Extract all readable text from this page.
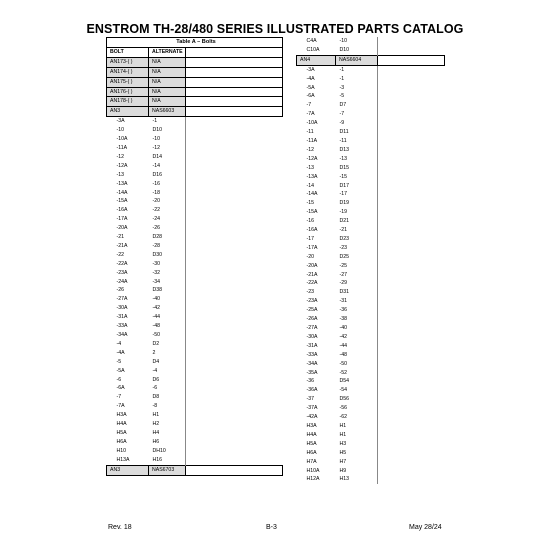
ENSTROM TH-28/480 SERIES ILLUSTRATED PARTS CATALOG
Table A – Bolts		
BOLT	ALTERNATE	
AN173-( )	N/A	
AN174-( )	N/A	
AN175-( )	N/A	
AN176-( )	N/A	
AN178-( )	N/A	
AN3	NAS6603	
-3A	-1	
-10	D10	
-10A	-10	
-11A	-12	
-12	D14	
-12A	-14	
-13	D16	
-13A	-16	
-14A	-18	
-15A	-20	
-16A	-22	
-17A	-24	
-20A	-26	
-21	D28	
-21A	-28	
-22	D30	
-22A	-30	
-23A	-32	
-24A	-34	
-26	D38	
-27A	-40	
-30A	-42	
-31A	-44	
-33A	-48	
-34A	-50	
-4	D2	
-4A	2	
-5	D4	
-5A	-4	
-6	D6	
-6A	-6	
-7	D8	
-7A	-8	
H3A	H1	
H4A	H2	
H5A	H4	
H6A	H6	
H10	DH10	
H13A	H16	
AN3	NAS6703	
C4A	-10	
C10A	D10	
AN4	NAS6604	
-3A	-1	
-4A	-1	
-5A	-3	
-6A	-5	
-7	D7	
-7A	-7	
-10A	-9	
-11	D11	
-11A	-11	
-12	D13	
-12A	-13	
-13	D15	
-13A	-15	
-14	D17	
-14A	-17	
-15	D19	
-15A	-19	
-16	D21	
-16A	-21	
-17	D23	
-17A	-23	
-20	D25	
-20A	-25	
-21A	-27	
-22A	-29	
-23	D31	
-23A	-31	
-25A	-36	
-26A	-38	
-27A	-40	
-30A	-42	
-31A	-44	
-33A	-48	
-34A	-50	
-35A	-52	
-36	D54	
-36A	-54	
-37	D56	
-37A	-56	
-42A	-62	
H3A	H1	
H4A	H1	
H5A	H3	
H6A	H5	
H7A	H7	
H10A	H9	
H12A	H13	
Rev. 18	B-3	May 28/24
